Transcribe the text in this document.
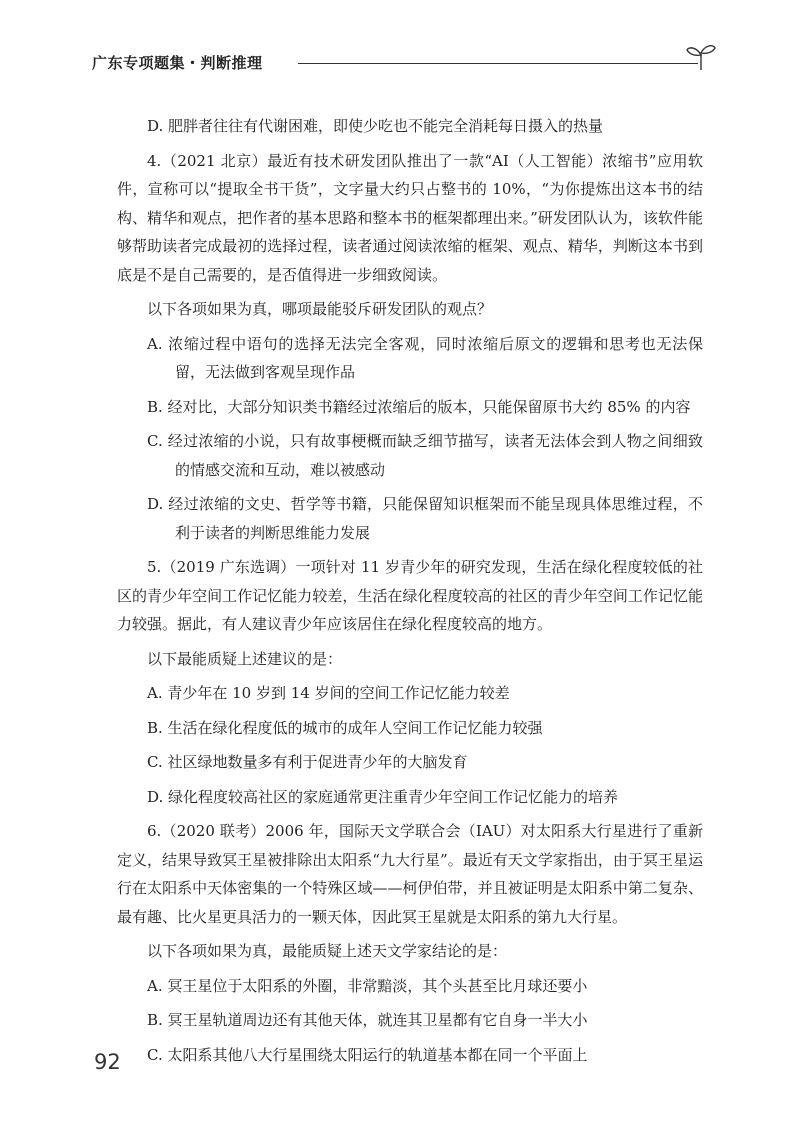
广东专项题集・判断推理

D. 肥胖者往往有代谢困难，即使少吃也不能完全消耗每日摄入的热量

4.（2021 北京）最近有技术研发团队推出了一款“AI（人工智能）浓缩书”应用软件，宣称可以“提取全书干货”，文字量大约只占整书的 10%，“为你提炼出这本书的结构、精华和观点，把作者的基本思路和整本书的框架都理出来。”研发团队认为，该软件能够帮助读者完成最初的选择过程，读者通过阅读浓缩的框架、观点、精华，判断这本书到底是不是自己需要的，是否值得进一步细致阅读。

以下各项如果为真，哪项最能驳斥研发团队的观点？

A. 浓缩过程中语句的选择无法完全客观，同时浓缩后原文的逻辑和思考也无法保留，无法做到客观呈现作品

B. 经对比，大部分知识类书籍经过浓缩后的版本，只能保留原书大约 85% 的内容

C. 经过浓缩的小说，只有故事梗概而缺乏细节描写，读者无法体会到人物之间细致的情感交流和互动，难以被感动

D. 经过浓缩的文史、哲学等书籍，只能保留知识框架而不能呈现具体思维过程，不利于读者的判断思维能力发展

5.（2019 广东选调）一项针对 11 岁青少年的研究发现，生活在绿化程度较低的社区的青少年空间工作记忆能力较差，生活在绿化程度较高的社区的青少年空间工作记忆能力较强。据此，有人建议青少年应该居住在绿化程度较高的地方。

以下最能质疑上述建议的是：

A. 青少年在 10 岁到 14 岁间的空间工作记忆能力较差

B. 生活在绿化程度低的城市的成年人空间工作记忆能力较强

C. 社区绿地数量多有利于促进青少年的大脑发育

D. 绿化程度较高社区的家庭通常更注重青少年空间工作记忆能力的培养

6.（2020 联考）2006 年，国际天文学联合会（IAU）对太阳系大行星进行了重新定义，结果导致冥王星被排除出太阳系“九大行星”。最近有天文学家指出，由于冥王星运行在太阳系中天体密集的一个特殊区域——柯伊伯带，并且被证明是太阳系中第二复杂、最有趣、比火星更具活力的一颗天体，因此冥王星就是太阳系的第九大行星。

以下各项如果为真，最能质疑上述天文学家结论的是：

A. 冥王星位于太阳系的外圈，非常黯淡，其个头甚至比月球还要小

B. 冥王星轨道周边还有其他天体，就连其卫星都有它自身一半大小

C. 太阳系其他八大行星围绕太阳运行的轨道基本都在同一个平面上

92
